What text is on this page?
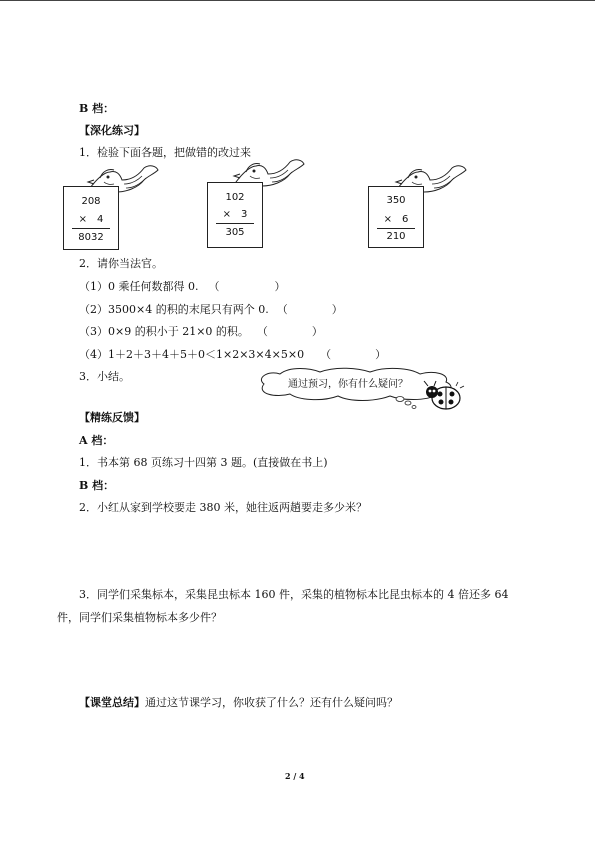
B 档：
【深化练习】
1．检验下面各题，把做错的改过来
208
×　4
8032
102
×　3
305
350
×　6
210
2．请你当法官。
（1）0 乘任何数都得 0. （　　　　　）
（2）3500×4 的积的末尾只有两个 0. （　　　　）
（3）0×9 的积小于 21×0 的积。 （　　　　）
（4）1＋2＋3＋4＋5＋0＜1×2×3×4×5×0 （　　　　）
3．小结。
通过预习，你有什么疑问？
【精练反馈】
A 档：
1．书本第 68 页练习十四第 3 题。(直接做在书上)
B 档：
2．小红从家到学校要走 380 米，她往返两趟要走多少米？
3．同学们采集标本，采集昆虫标本 160 件，采集的植物标本比昆虫标本的 4 倍还多 64
件，同学们采集植物标本多少件？
【课堂总结】通过这节课学习，你收获了什么？还有什么疑问吗？
2 / 4
